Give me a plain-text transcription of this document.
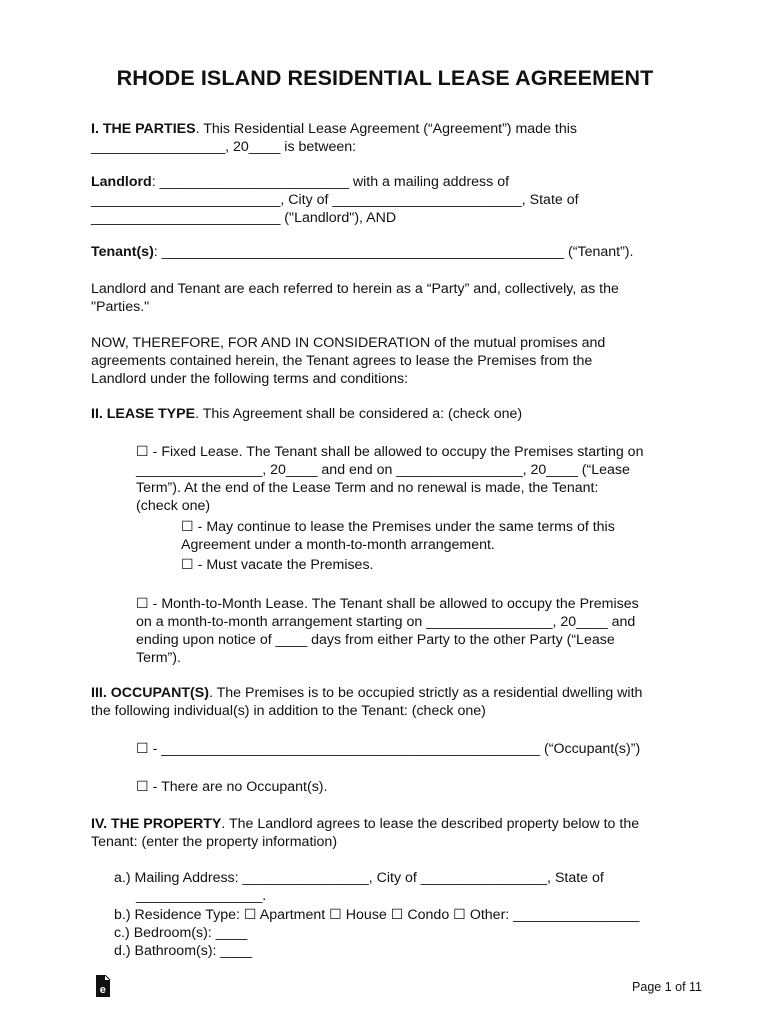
RHODE ISLAND RESIDENTIAL LEASE AGREEMENT
I. THE PARTIES. This Residential Lease Agreement (“Agreement”) made this
_________________, 20____ is between:
Landlord: ________________________ with a mailing address of
________________________, City of ________________________, State of
________________________ ("Landlord"), AND
Tenant(s): ___________________________________________________ (“Tenant”).
Landlord and Tenant are each referred to herein as a “Party” and, collectively, as the
"Parties."
NOW, THEREFORE, FOR AND IN CONSIDERATION of the mutual promises and
agreements contained herein, the Tenant agrees to lease the Premises from the
Landlord under the following terms and conditions:
II. LEASE TYPE. This Agreement shall be considered a: (check one)
☐ - Fixed Lease. The Tenant shall be allowed to occupy the Premises starting on
________________, 20____ and end on ________________, 20____ (“Lease
Term”). At the end of the Lease Term and no renewal is made, the Tenant:
(check one)
☐ - May continue to lease the Premises under the same terms of this
Agreement under a month-to-month arrangement.
☐ - Must vacate the Premises.
☐ - Month-to-Month Lease. The Tenant shall be allowed to occupy the Premises
on a month-to-month arrangement starting on ________________, 20____ and
ending upon notice of ____ days from either Party to the other Party (“Lease
Term”).
III. OCCUPANT(S). The Premises is to be occupied strictly as a residential dwelling with
the following individual(s) in addition to the Tenant: (check one)
☐ - ________________________________________________ (“Occupant(s)”)
☐ - There are no Occupant(s).
IV. THE PROPERTY. The Landlord agrees to lease the described property below to the
Tenant: (enter the property information)
a.) Mailing Address: ________________, City of ________________, State of
________________.
b.) Residence Type: ☐ Apartment ☐ House ☐ Condo ☐ Other: ________________
c.) Bedroom(s): ____
d.) Bathroom(s): ____
e	Page 1 of 11
